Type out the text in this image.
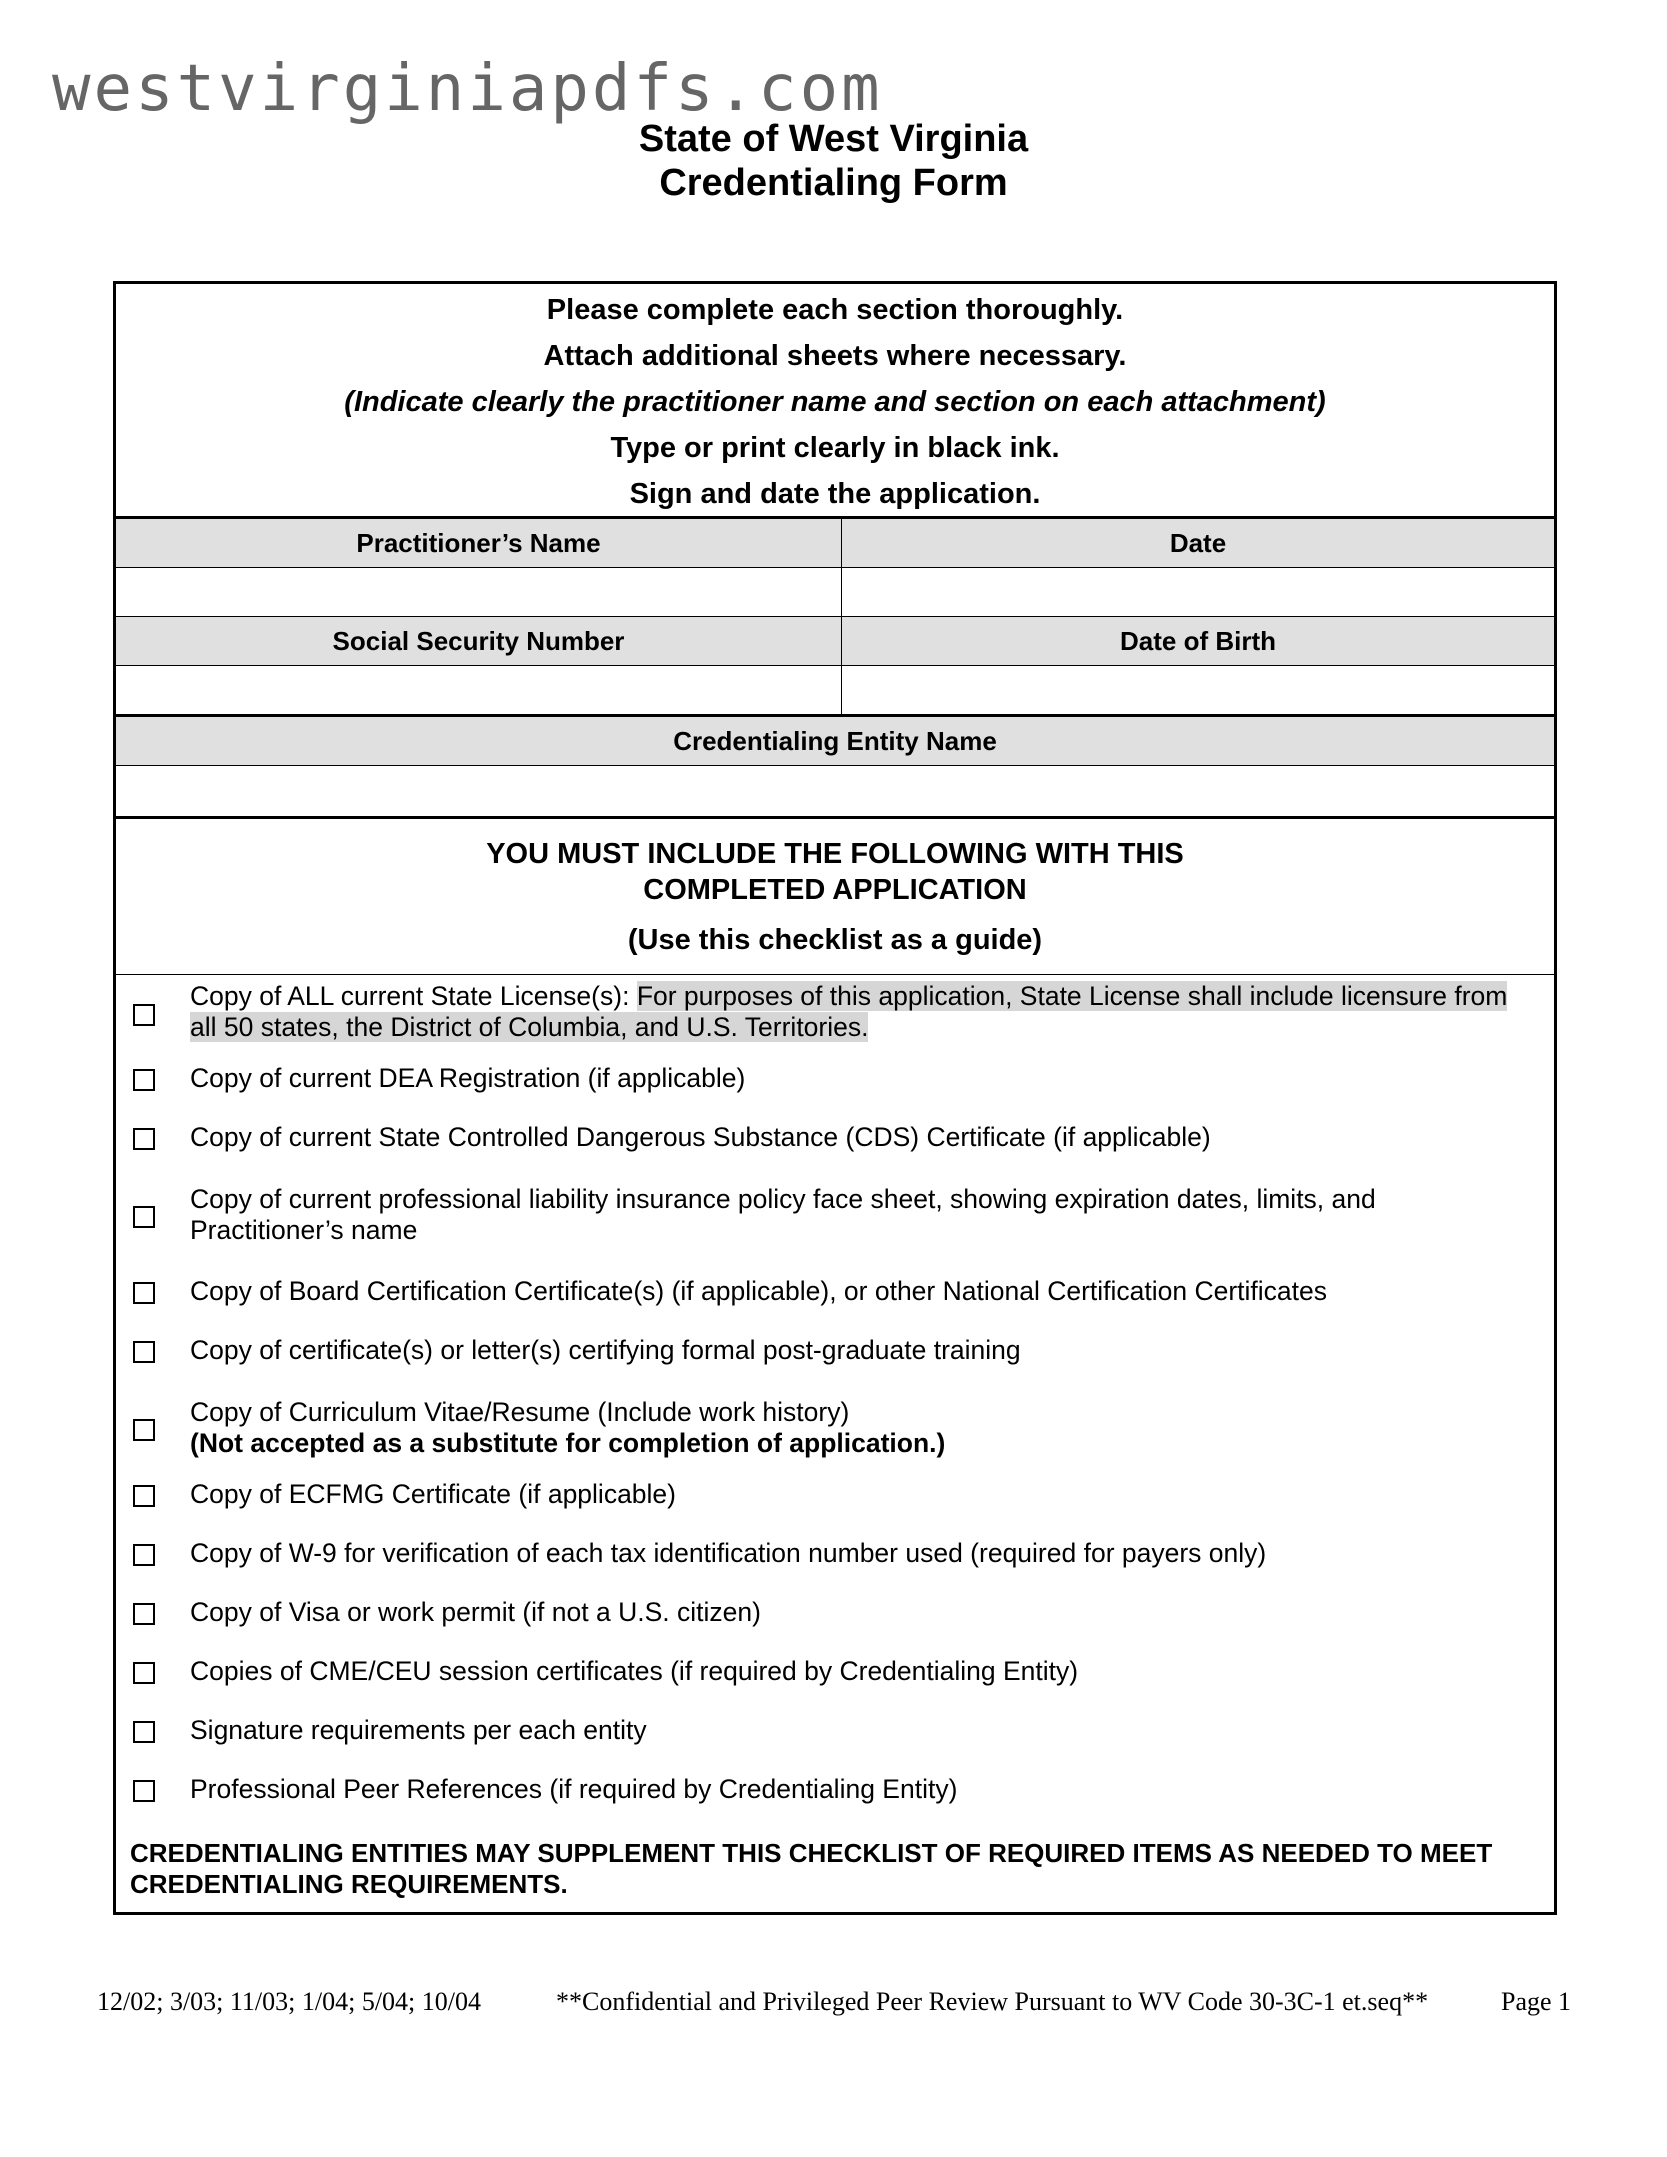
westvirginiapdfs.com
State of West Virginia
Credentialing Form
Please complete each section thoroughly.
Attach additional sheets where necessary.
(Indicate clearly the practitioner name and section on each attachment)
Type or print clearly in black ink.
Sign and date the application.
Practitioner’s Name	Date
Social Security Number	Date of Birth
Credentialing Entity Name
YOU MUST INCLUDE THE FOLLOWING WITH THIS
COMPLETED APPLICATION
(Use this checklist as a guide)
Copy of ALL current State License(s): For purposes of this application, State License shall include licensure from all 50 states, the District of Columbia, and U.S. Territories.
Copy of current DEA Registration (if applicable)
Copy of current State Controlled Dangerous Substance (CDS) Certificate (if applicable)
Copy of current professional liability insurance policy face sheet, showing expiration dates, limits, and Practitioner’s name
Copy of Board Certification Certificate(s) (if applicable), or other National Certification Certificates
Copy of certificate(s) or letter(s) certifying formal post-graduate training
Copy of Curriculum Vitae/Resume (Include work history)
(Not accepted as a substitute for completion of application.)
Copy of ECFMG Certificate (if applicable)
Copy of W-9 for verification of each tax identification number used (required for payers only)
Copy of Visa or work permit (if not a U.S. citizen)
Copies of CME/CEU session certificates (if required by Credentialing Entity)
Signature requirements per each entity
Professional Peer References (if required by Credentialing Entity)
CREDENTIALING ENTITIES MAY SUPPLEMENT THIS CHECKLIST OF REQUIRED ITEMS AS NEEDED TO MEET CREDENTIALING REQUIREMENTS.
12/02; 3/03; 11/03; 1/04; 5/04; 10/04	**Confidential and Privileged Peer Review Pursuant to WV Code 30-3C-1 et.seq**	Page 1
